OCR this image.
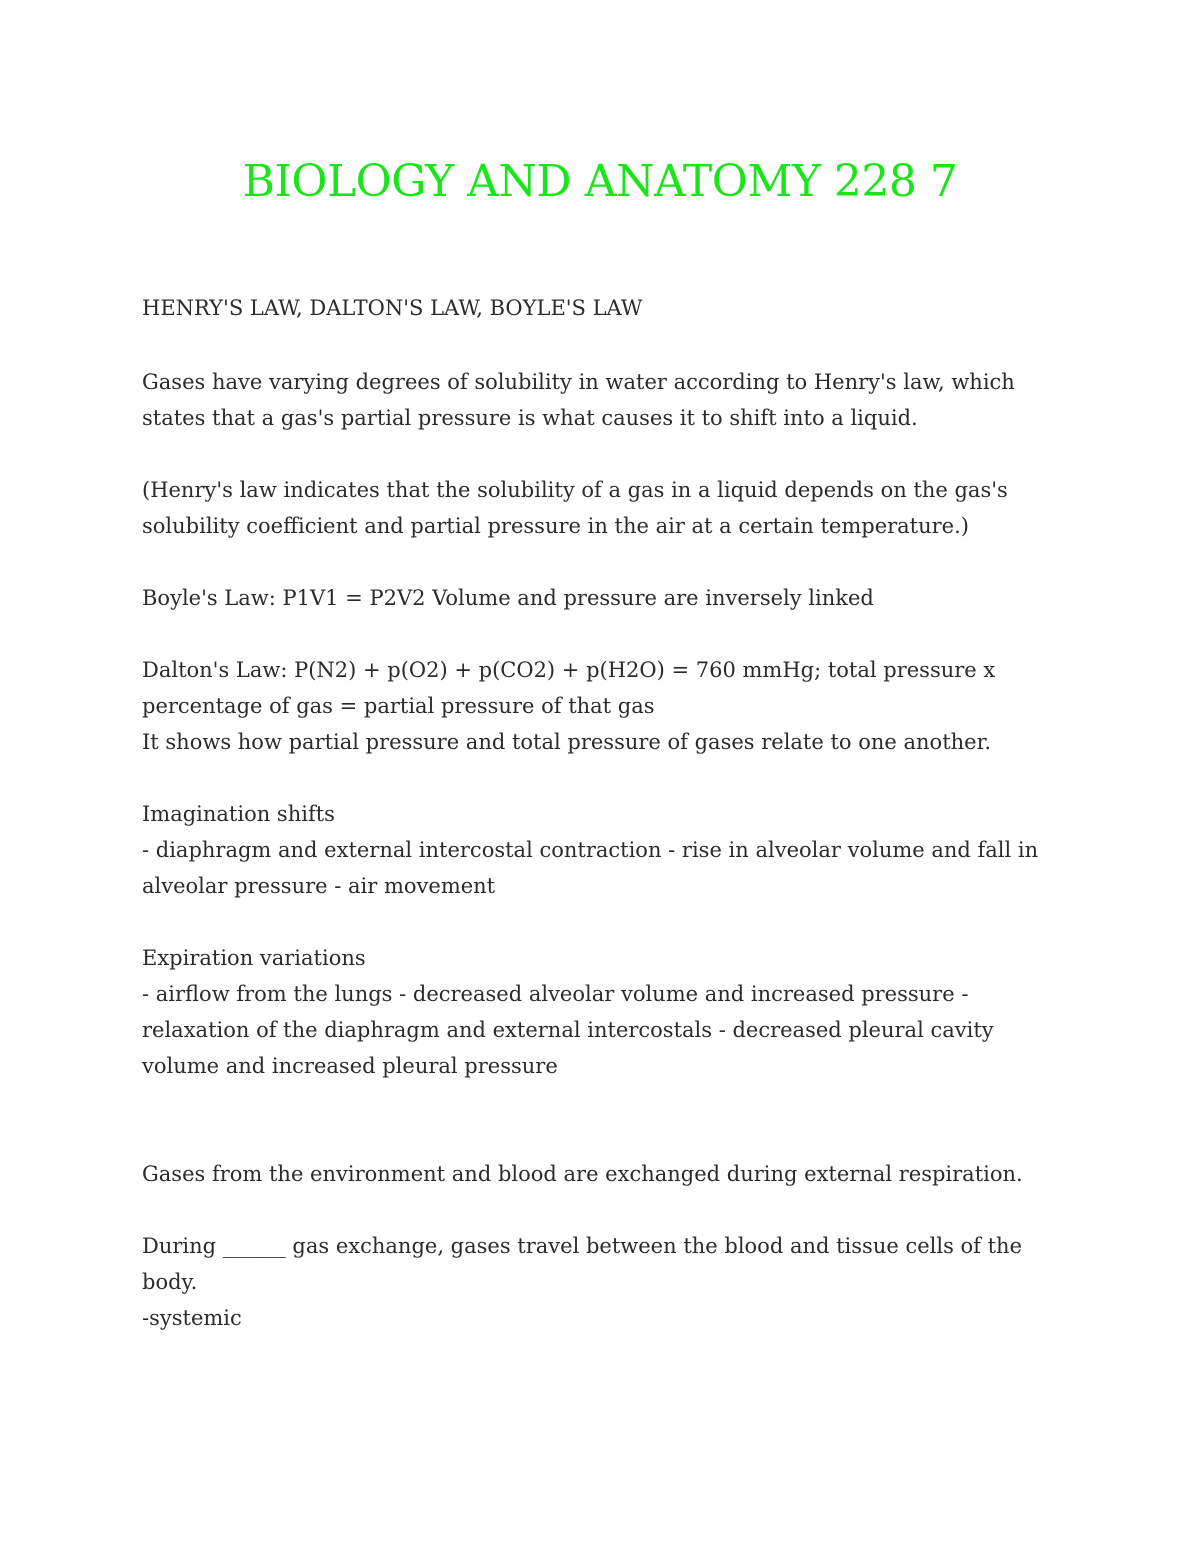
BIOLOGY AND ANATOMY 228 7
HENRY'S LAW, DALTON'S LAW, BOYLE'S LAW
Gases have varying degrees of solubility in water according to Henry's law, which
states that a gas's partial pressure is what causes it to shift into a liquid.
(Henry's law indicates that the solubility of a gas in a liquid depends on the gas's
solubility coefficient and partial pressure in the air at a certain temperature.)
Boyle's Law: P1V1 = P2V2 Volume and pressure are inversely linked
Dalton's Law: P(N2) + p(O2) + p(CO2) + p(H2O) = 760 mmHg; total pressure x
percentage of gas = partial pressure of that gas
It shows how partial pressure and total pressure of gases relate to one another.
Imagination shifts
- diaphragm and external intercostal contraction - rise in alveolar volume and fall in
alveolar pressure - air movement
Expiration variations
- airflow from the lungs - decreased alveolar volume and increased pressure -
relaxation of the diaphragm and external intercostals - decreased pleural cavity
volume and increased pleural pressure
Gases from the environment and blood are exchanged during external respiration.
During ______ gas exchange, gases travel between the blood and tissue cells of the
body.
-systemic
